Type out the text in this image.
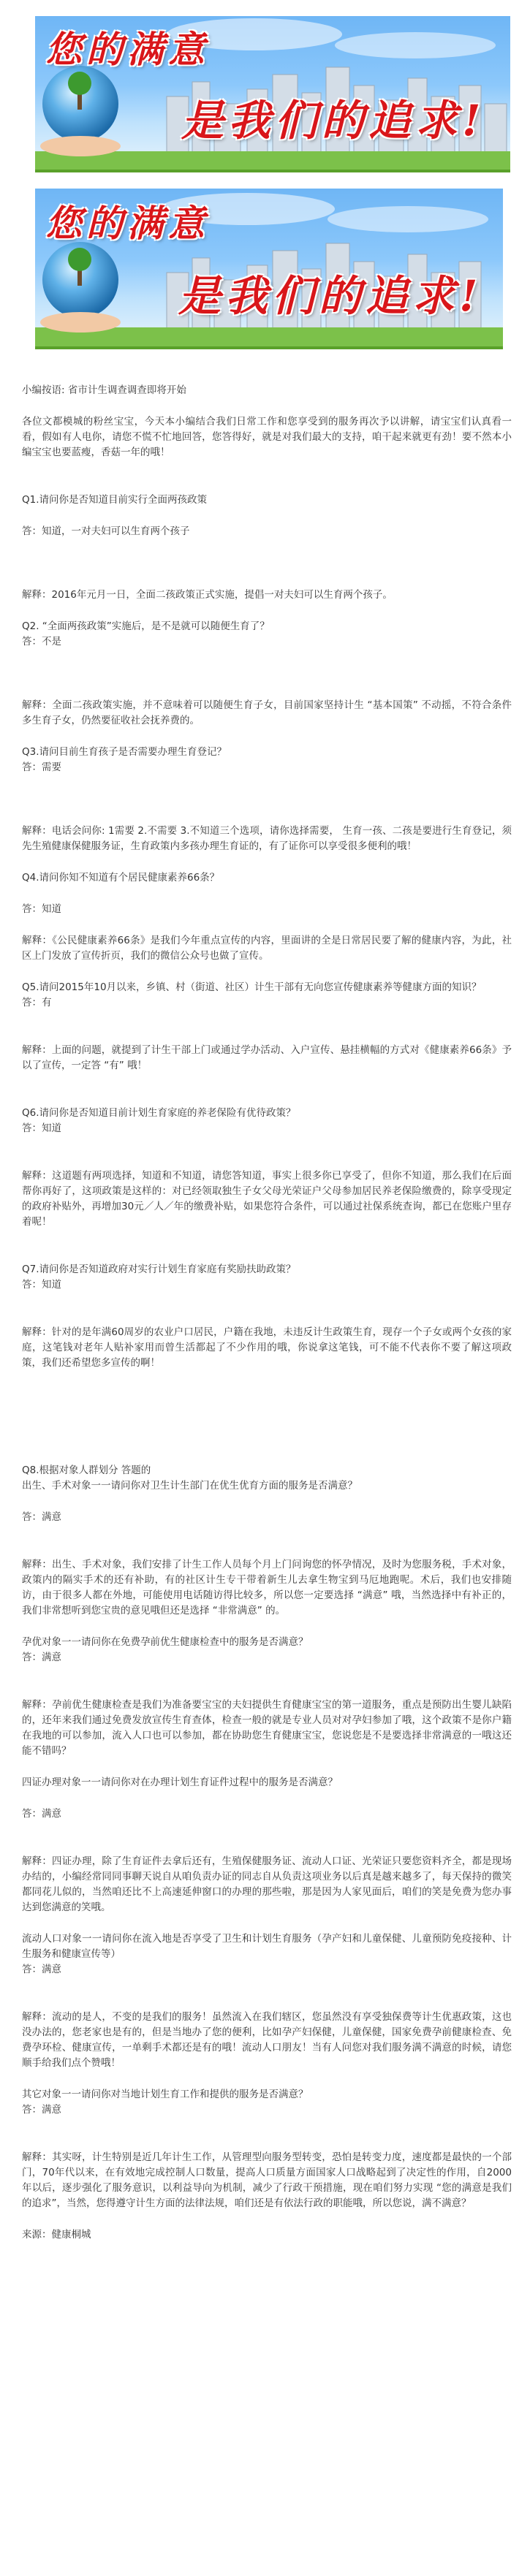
您的满意
是我们的追求!
您的满意
是我们的追求!

小编按语: 省市计生调查调查即将开始

各位文都模城的粉丝宝宝，今天本小编结合我们日常工作和您享受到的服务再次予以讲解，请宝宝们认真看一看，假如有人电你，请您不慌不忙地回答，您答得好，就是对我们最大的支持，咱干起来就更有劲！要不然本小编宝宝也要蓝瘦，香菇一年的哦！

Q1.请问你是否知道目前实行全面两孩政策

答：知道，一对夫妇可以生育两个孩子

解释：2016年元月一日，全面二孩政策正式实施，提倡一对夫妇可以生育两个孩子。

Q2. “全面两孩政策”实施后，是不是就可以随便生育了？

答：不是

解释：全面二孩政策实施，并不意味着可以随便生育子女，目前国家坚持计生 “基本国策” 不动摇，不符合条件多生育子女，仍然要征收社会抚养费的。

Q3.请问目前生育孩子是否需要办理生育登记？

答：需要

解释：电话会问你: 1需要 2.不需要 3.不知道三个选项，请你选择需要， 生育一孩、二孩是要进行生育登记，须先生殖健康保健服务证，生育政策内多孩办理生育证的，有了证你可以享受很多便利的哦！

Q4.请问你知不知道有个居民健康素养66条？

答：知道

解释：《公民健康素养66条》是我们今年重点宣传的内容，里面讲的全是日常居民要了解的健康内容，为此，社区上门发放了宣传折页，我们的微信公众号也做了宣传。

Q5.请问2015年10月以来，乡镇、村（街道、社区）计生干部有无向您宣传健康素养等健康方面的知识？

答：有

解释：上面的问题，就提到了计生干部上门或通过学办活动、入户宣传、悬挂横幅的方式对《健康素养66条》予以了宣传，一定答 “有” 哦！

Q6.请问你是否知道目前计划生育家庭的养老保险有优待政策？

答：知道

解释：这道题有两项选择，知道和不知道，请您答知道，事实上很多你已享受了，但你不知道，那么我们在后面帮你再好了，这项政策是这样的：对已经领取独生子女父母光荣证户父母参加居民养老保险缴费的，除享受现定的政府补贴外，再增加30元／人／年的缴费补贴，如果您符合条件，可以通过社保系统查询，都已在您账户里存着呢！

Q7.请问你是否知道政府对实行计划生育家庭有奖励扶助政策？

答：知道

解释：针对的是年满60周岁的农业户口居民，户籍在我地，未违反计生政策生育，现存一个子女或两个女孩的家庭，这笔钱对老年人贴补家用而曾生活都起了不少作用的哦，你说拿这笔钱，可不能不代表你不要了解这项政策，我们还希望您多宣传的啊！

Q8.根据对象人群划分 答题的
出生、手术对象一一请问你对卫生计生部门在优生优育方面的服务是否满意？

答：满意

解释：出生、手术对象，我们安排了计生工作人员每个月上门问询您的怀孕情况，及时为您服务税，手术对象，政策内的隔实手术的还有补助，有的社区计生专干带着新生儿去拿生物宝到马厄地跑呢。术后，我们也安排随访，由于很多人都在外地，可能使用电话随访得比较多，所以您一定要选择 “满意” 哦，当然选择中有补正的，我们非常想听到您宝贵的意见哦但还是选择 “非常满意” 的。

孕优对象一一请问你在免费孕前优生健康检查中的服务是否满意？

答：满意

解释：孕前优生健康检查是我们为准备要宝宝的夫妇提供生育健康宝宝的第一道服务，重点是预防出生婴儿缺陷的，还年来我们通过免费发放宣传生育查体，检查一般的就是专业人员对对孕妇参加了哦，这个政策不是你户籍在我地的可以参加，流入人口也可以参加，都在协助您生育健康宝宝，您说您是不是要选择非常满意的一哦这还能不错吗？

四证办理对象一一请问你对在办理计划生育证件过程中的服务是否满意？

答：满意

解释：四证办理，除了生育证件去拿后还有，生殖保健服务证、流动人口证、光荣证只要您资料齐全，都是现场办结的，小编经常同同事聊天说自从咱负责办证的同志自从负责这项业务以后真是越来越多了，每天保持的微笑都同花儿似的，当然咱还比不上高速延伸窗口的办理的那些啦，那是因为人家见面后，咱们的笑是免费为您办事达到您满意的笑哦。

流动人口对象一一请问你在流入地是否享受了卫生和计划生育服务（孕产妇和儿童保健、儿童预防免疫接种、计生服务和健康宣传等）

答：满意

解释：流动的是人，不变的是我们的服务！虽然流入在我们辖区，您虽然没有享受独保费等计生优惠政策，这也没办法的，您老家也是有的，但是当地办了您的便利，比如孕产妇保健，儿童保健，国家免费孕前健康检查、免费孕环检、健康宣传，一单剩手术都还是有的哦！流动人口朋友！当有人问您对我们服务满不满意的时候，请您顺手给我们点个赞哦！

其它对象一一请问你对当地计划生育工作和提供的服务是否满意？

答：满意

解释：其实呀，计生特别是近几年计生工作，从管理型向服务型转变，恐怕是转变力度，速度都是最快的一个部门，70年代以来，在有效地完成控制人口数量，提高人口质量方面国家人口战略起到了决定性的作用，自2000年以后，逐步强化了服务意识，以利益导向为机制，减少了行政干预措施，现在咱们努力实现 “您的满意是我们的追求”，当然，您得遵守计生方面的法律法规，咱们还是有依法行政的职能哦，所以您说，满不满意？

来源：健康桐城
